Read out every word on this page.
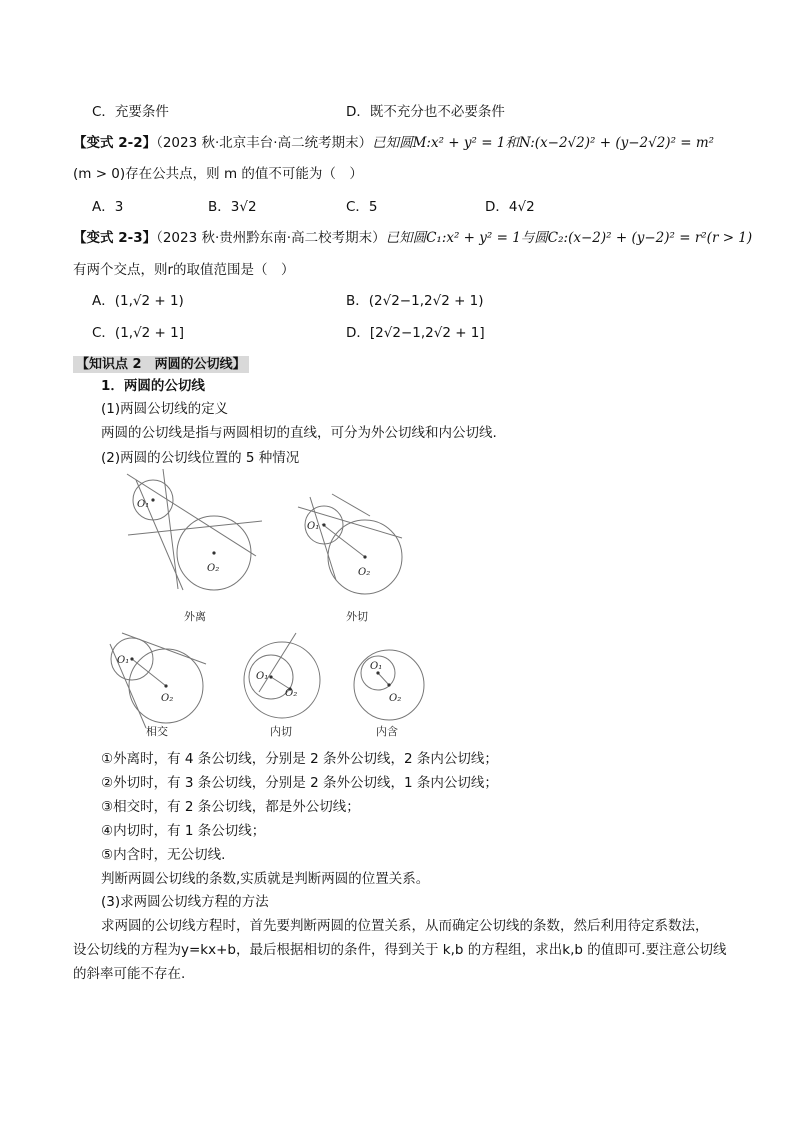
C．充要条件	D．既不充分也不必要条件
【变式 2-2】（2023 秋·北京丰台·高二统考期末）已知圆M:x² + y² = 1和N:(x−2√2)² + (y−2√2)² = m²
(m > 0)存在公共点，则 m 的值不可能为（　）
A．3	B．3√2	C．5	D．4√2
【变式 2-3】（2023 秋·贵州黔东南·高二校考期末）已知圆C₁:x² + y² = 1与圆C₂:(x−2)² + (y−2)² = r²(r > 1)
有两个交点，则r的取值范围是（　）
A．(1,√2 + 1)	B．(2√2−1,2√2 + 1)
C．(1,√2 + 1]	D．[2√2−1,2√2 + 1]
【知识点 2　两圆的公切线】
1．两圆的公切线
(1)两圆公切线的定义
两圆的公切线是指与两圆相切的直线，可分为外公切线和内公切线.
(2)两圆的公切线位置的 5 种情况
O₁
O₂
O₁
O₂
O₁
O₂
O₁
O₂
O₁
O₂
外离	外切
相交	内切	内含
①外离时，有 4 条公切线，分别是 2 条外公切线，2 条内公切线；
②外切时，有 3 条公切线，分别是 2 条外公切线，1 条内公切线；
③相交时，有 2 条公切线，都是外公切线；
④内切时，有 1 条公切线；
⑤内含时，无公切线.
判断两圆公切线的条数,实质就是判断两圆的位置关系。
(3)求两圆公切线方程的方法
求两圆的公切线方程时，首先要判断两圆的位置关系，从而确定公切线的条数，然后利用待定系数法，
设公切线的方程为y=kx+b，最后根据相切的条件，得到关于 k,b 的方程组，求出k,b 的值即可.要注意公切线
的斜率可能不存在.
